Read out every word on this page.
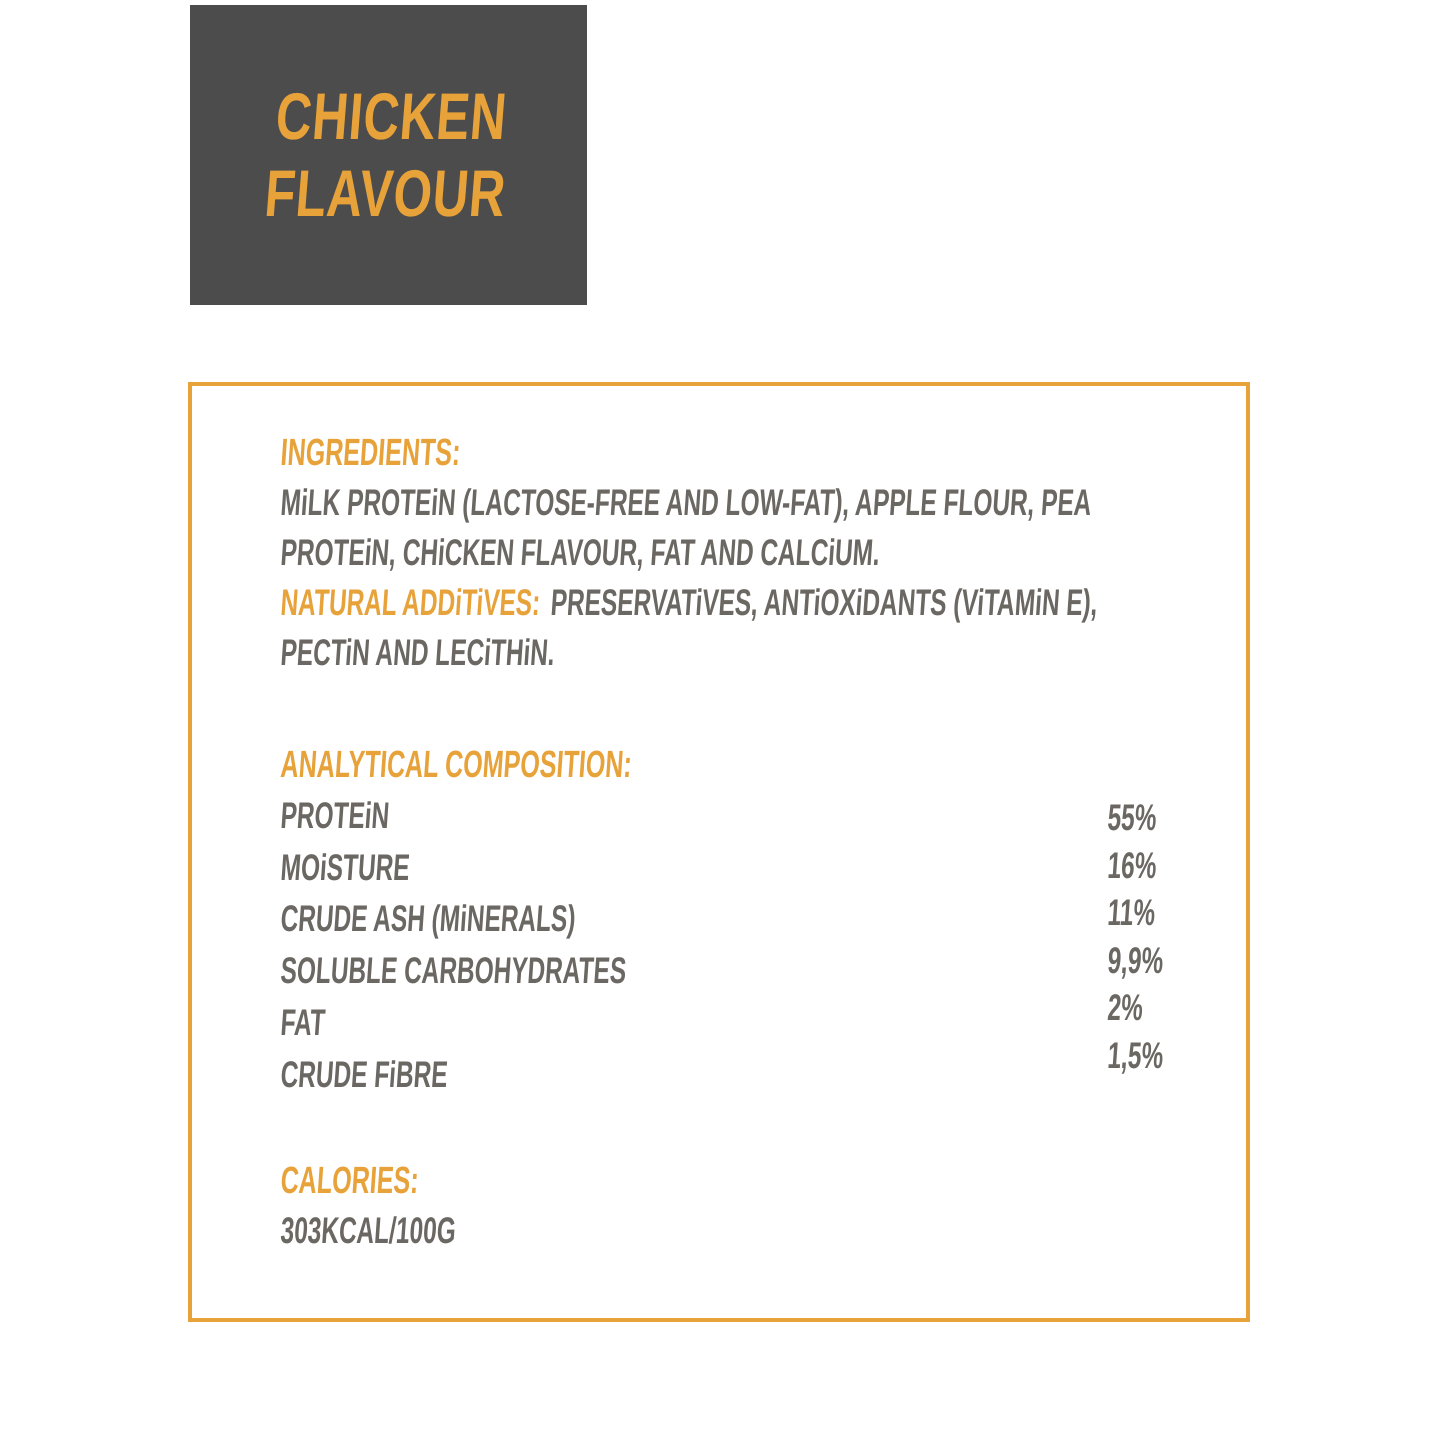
CHICKEN
FLAVOUR
INGREDIENTS:
MiLK PROTEiN (LACTOSE-FREE AND LOW-FAT), APPLE FLOUR, PEA
PROTEiN, CHiCKEN FLAVOUR, FAT AND CALCiUM.
NATURAL ADDiTiVES: PRESERVATiVES, ANTiOXiDANTS (ViTAMiN E),
PECTiN AND LECiTHiN.
ANALYTICAL COMPOSITION:
PROTEiN
MOiSTURE
CRUDE ASH (MiNERALS)
SOLUBLE CARBOHYDRATES
FAT
CRUDE FiBRE
55%
16%
11%
9,9%
2%
1,5%
CALORIES:
303KCAL/100G
